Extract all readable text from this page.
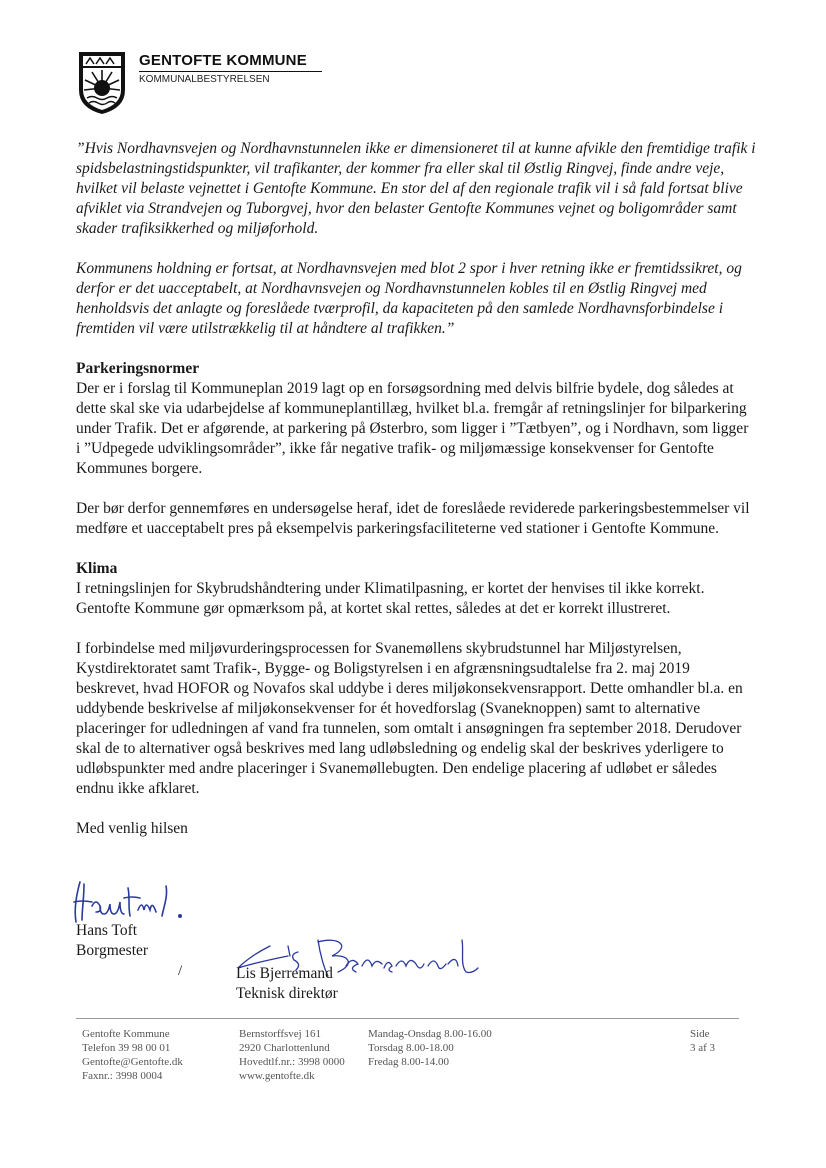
GENTOFTE KOMMUNE
KOMMUNALBESTYRELSEN

”Hvis Nordhavnsvejen og Nordhavnstunnelen ikke er dimensioneret til at kunne afvikle den fremtidige trafik i spidsbelastningstidspunkter, vil trafikanter, der kommer fra eller skal til Østlig Ringvej, finde andre veje, hvilket vil belaste vejnettet i Gentofte Kommune. En stor del af den regionale trafik vil i så fald fortsat blive afviklet via Strandvejen og Tuborgvej, hvor den belaster Gentofte Kommunes vejnet og boligområder samt skader trafiksikkerhed og miljøforhold.

Kommunens holdning er fortsat, at Nordhavnsvejen med blot 2 spor i hver retning ikke er fremtidssikret, og derfor er det uacceptabelt, at Nordhavnsvejen og Nordhavnstunnelen kobles til en Østlig Ringvej med henholdsvis det anlagte og foreslåede tværprofil, da kapaciteten på den samlede Nordhavnsforbindelse i fremtiden vil være utilstrækkelig til at håndtere al trafikken.”

Parkeringsnormer

Der er i forslag til Kommuneplan 2019 lagt op en forsøgsordning med delvis bilfrie bydele, dog således at dette skal ske via udarbejdelse af kommuneplantillæg, hvilket bl.a. fremgår af retningslinjer for bilparkering under Trafik. Det er afgørende, at parkering på Østerbro, som ligger i ”Tætbyen”, og i Nordhavn, som ligger i ”Udpegede udviklingsområder”, ikke får negative trafik- og miljømæssige konsekvenser for Gentofte Kommunes borgere.

Der bør derfor gennemføres en undersøgelse heraf, idet de foreslåede reviderede parkeringsbestemmelser vil medføre et uacceptabelt pres på eksempelvis parkeringsfaciliteterne ved stationer i Gentofte Kommune.

Klima

I retningslinjen for Skybrudshåndtering under Klimatilpasning, er kortet der henvises til ikke korrekt. Gentofte Kommune gør opmærksom på, at kortet skal rettes, således at det er korrekt illustreret.

I forbindelse med miljøvurderingsprocessen for Svanemøllens skybrudstunnel har Miljøstyrelsen, Kystdirektoratet samt Trafik-, Bygge- og Boligstyrelsen i en afgrænsningsudtalelse fra 2. maj 2019 beskrevet, hvad HOFOR og Novafos skal uddybe i deres miljøkonsekvensrapport. Dette omhandler bl.a. en uddybende beskrivelse af miljøkonsekvenser for ét hovedforslag (Svaneknoppen) samt to alternative placeringer for udledningen af vand fra tunnelen, som omtalt i ansøgningen fra september 2018. Derudover skal de to alternativer også beskrives med lang udløbsledning og endelig skal der beskrives yderligere to udløbspunkter med andre placeringer i Svanemøllebugten. Den endelige placering af udløbet er således endnu ikke afklaret.

Med venlig hilsen

Hans Toft
Borgmester
/	Lis Bjerremand
Teknisk direktør
Gentofte Kommune
Telefon 39 98 00 01
Gentofte@Gentofte.dk
Faxnr.: 3998 0004
Bernstorffsvej 161
2920 Charlottenlund
Hovedtlf.nr.: 3998 0000
www.gentofte.dk
Mandag-Onsdag 8.00-16.00
Torsdag 8.00-18.00
Fredag 8.00-14.00
Side
3 af 3
